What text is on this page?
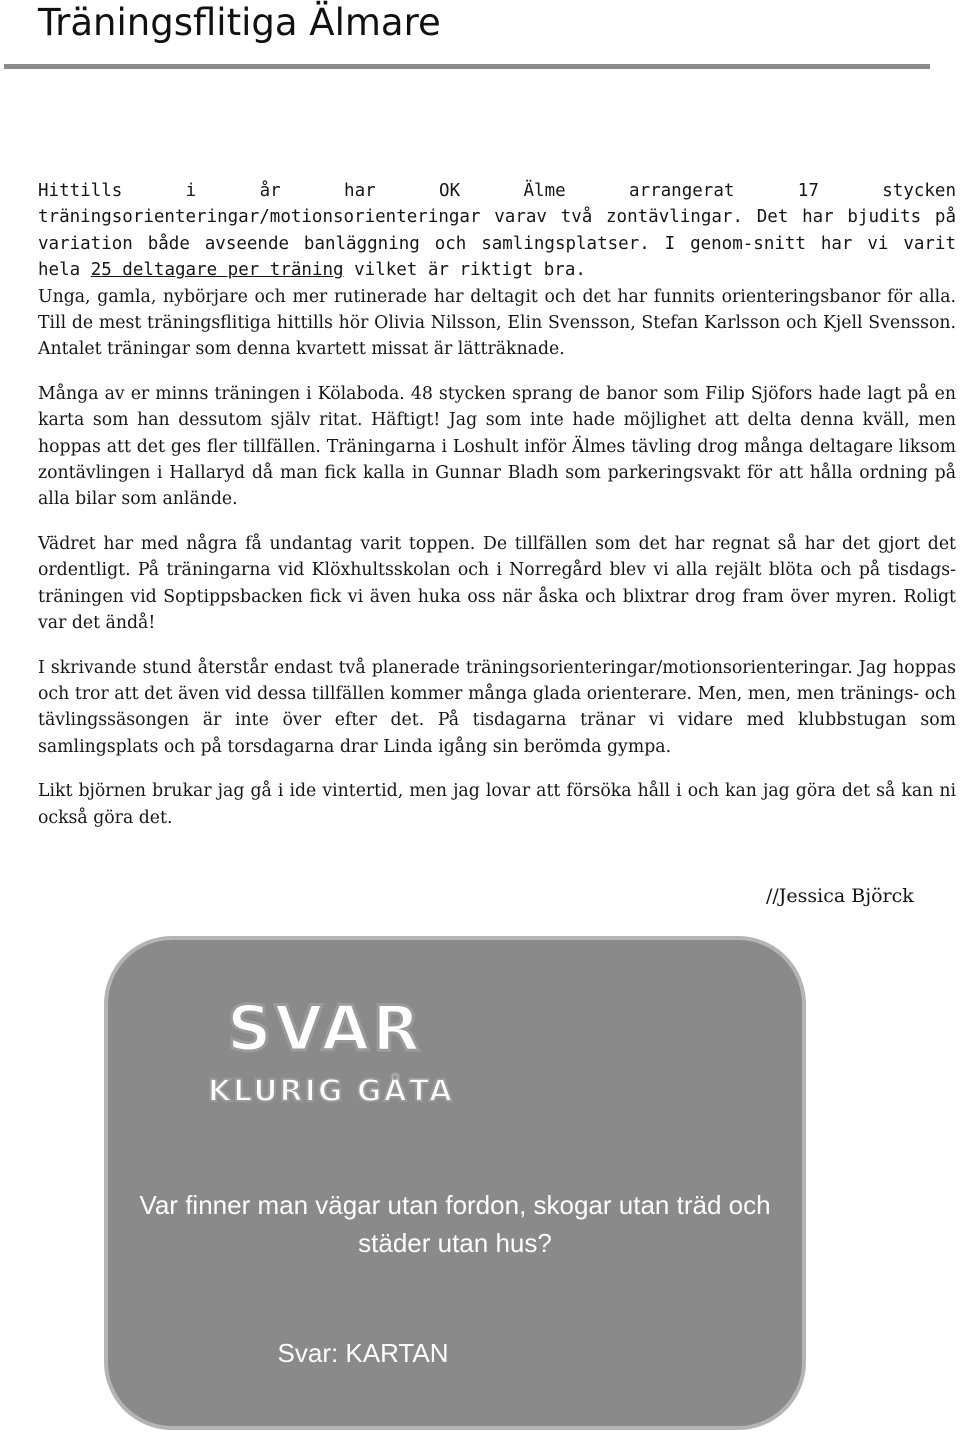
Träningsflitiga Älmare

Hittills i år har OK Älme arrangerat 17 stycken träningsorienteringar/motionsorienteringar varav två zontävlingar. Det har bjudits på variation både avseende banläggning och samlingsplatser. I genom-snitt har vi varit hela 25 deltagare per träning vilket är riktigt bra.
Unga, gamla, nybörjare och mer rutinerade har deltagit och det har funnits orienteringsbanor för alla. Till de mest träningsflitiga hittills hör Olivia Nilsson, Elin Svensson, Stefan Karlsson och Kjell Svensson. Antalet träningar som denna kvartett missat är lätträknade.

Många av er minns träningen i Kölaboda. 48 stycken sprang de banor som Filip Sjöfors hade lagt på en karta som han dessutom själv ritat. Häftigt! Jag som inte hade möjlighet att delta denna kväll, men hoppas att det ges fler tillfällen. Träningarna i Loshult inför Älmes tävling drog många deltagare liksom zontävlingen i Hallaryd då man fick kalla in Gunnar Bladh som parkeringsvakt för att hålla ordning på alla bilar som anlände.

Vädret har med några få undantag varit toppen. De tillfällen som det har regnat så har det gjort det ordentligt. På träningarna vid Klöxhultsskolan och i Norregård blev vi alla rejält blöta och på tisdags-träningen vid Soptippsbacken fick vi även huka oss när åska och blixtrar drog fram över myren. Roligt var det ändå!

I skrivande stund återstår endast två planerade träningsorienteringar/motionsorienteringar. Jag hoppas och tror att det även vid dessa tillfällen kommer många glada orienterare. Men, men, men tränings- och tävlingssäsongen är inte över efter det. På tisdagarna tränar vi vidare med klubbstugan som samlingsplats och på torsdagarna drar Linda igång sin berömda gympa.

Likt björnen brukar jag gå i ide vintertid, men jag lovar att försöka håll i och kan jag göra det så kan ni också göra det.

//Jessica Björck
SVAR
KLURIG GÅTA
Var finner man vägar utan fordon, skogar utan träd och städer utan hus?
Svar: KARTAN
